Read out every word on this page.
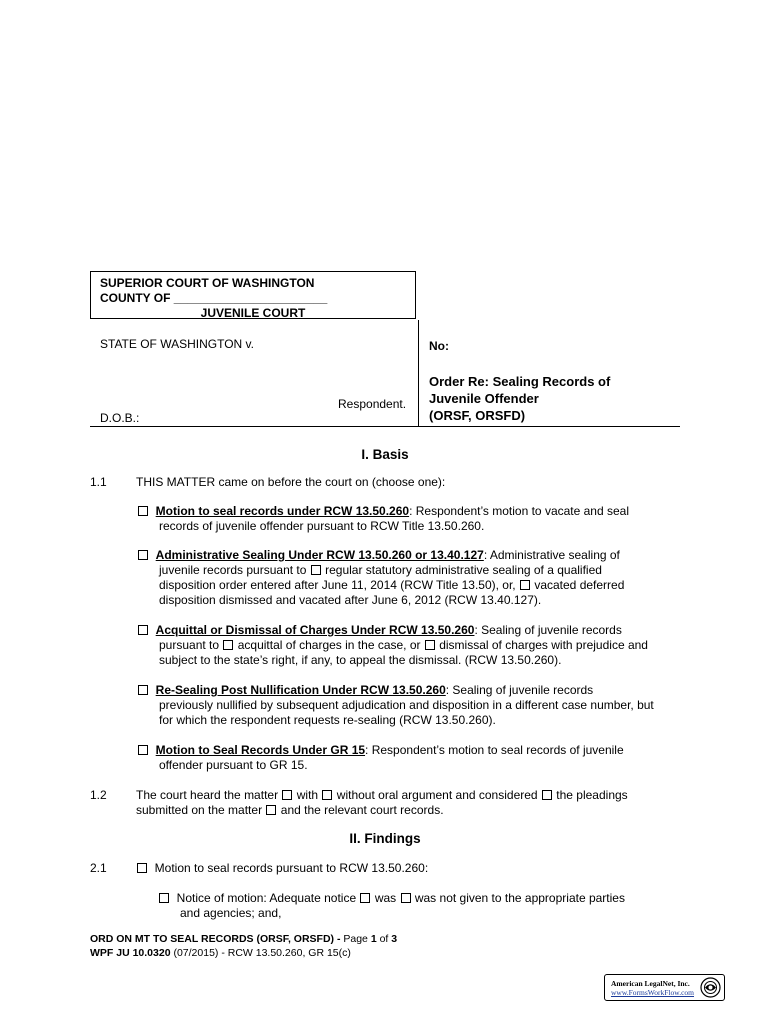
SUPERIOR COURT OF WASHINGTON
COUNTY OF _______________________
JUVENILE COURT
STATE OF WASHINGTON v.
Respondent.
D.O.B.:
No:
Order Re: Sealing Records of
Juvenile Offender
(ORSF, ORSFD)
I. Basis
1.1 THIS MATTER came on before the court on (choose one):
Motion to seal records under RCW 13.50.260: Respondent’s motion to vacate and seal
records of juvenile offender pursuant to RCW Title 13.50.260.
Administrative Sealing Under RCW 13.50.260 or 13.40.127: Administrative sealing of
juvenile records pursuant to regular statutory administrative sealing of a qualified
disposition order entered after June 11, 2014 (RCW Title 13.50), or, vacated deferred
disposition dismissed and vacated after June 6, 2012 (RCW 13.40.127).
Acquittal or Dismissal of Charges Under RCW 13.50.260: Sealing of juvenile records
pursuant to acquittal of charges in the case, or dismissal of charges with prejudice and
subject to the state’s right, if any, to appeal the dismissal. (RCW 13.50.260).
Re-Sealing Post Nullification Under RCW 13.50.260: Sealing of juvenile records
previously nullified by subsequent adjudication and disposition in a different case number, but
for which the respondent requests re-sealing (RCW 13.50.260).
Motion to Seal Records Under GR 15: Respondent’s motion to seal records of juvenile
offender pursuant to GR 15.
1.2 The court heard the matter with without oral argument and considered the pleadings
submitted on the matter and the relevant court records.
II. Findings
2.1	Motion to seal records pursuant to RCW 13.50.260:
Notice of motion: Adequate notice was was not given to the appropriate parties
and agencies; and,
ORD ON MT TO SEAL RECORDS (ORSF, ORSFD) - Page 1 of 3
WPF JU 10.0320 (07/2015) - RCW 13.50.260, GR 15(c)
American LegalNet, Inc.
www.FormsWorkFlow.com
